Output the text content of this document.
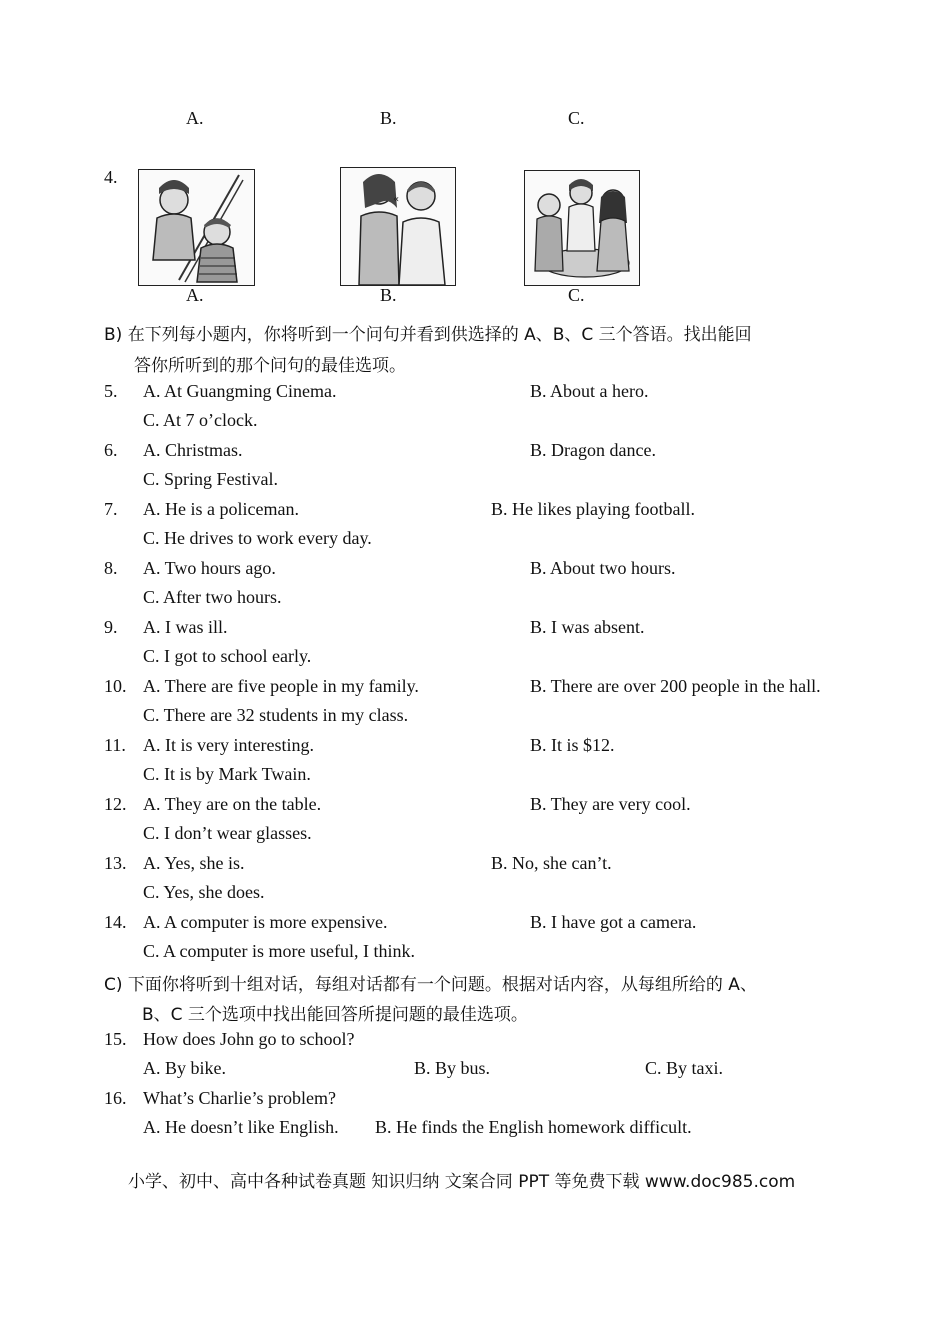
A.	B.	C.
4.
«
A.	B.	C.
B) 在下列每小题内，你将听到一个问句并看到供选择的 A、B、C 三个答语。找出能回
答你所听到的那个问句的最佳选项。
5. A. At Guangming Cinema.	B. About a hero.
C. At 7 o’clock.
6. A. Christmas.	B. Dragon dance.
C. Spring Festival.
7. A. He is a policeman.	B. He likes playing football.
C. He drives to work every day.
8. A. Two hours ago.	B. About two hours.
C. After two hours.
9. A. I was ill.	B. I was absent.
C. I got to school early.
10. A. There are five people in my family.	B. There are over 200 people in the hall.
C. There are 32 students in my class.
11. A. It is very interesting.	B. It is $12.
C. It is by Mark Twain.
12. A. They are on the table.	B. They are very cool.
C. I don’t wear glasses.
13. A. Yes, she is.	B. No, she can’t.
C. Yes, she does.
14. A. A computer is more expensive.	B. I have got a camera.
C. A computer is more useful, I think.
C) 下面你将听到十组对话，每组对话都有一个问题。根据对话内容，从每组所给的 A、
B、C 三个选项中找出能回答所提问题的最佳选项。
15. How does John go to school?
A. By bike.	B. By bus.	C. By taxi.
16. What’s Charlie’s problem?
A. He doesn’t like English. B. He finds the English homework difficult.
小学、初中、高中各种试卷真题 知识归纳 文案合同 PPT 等免费下载 www.doc985.com
